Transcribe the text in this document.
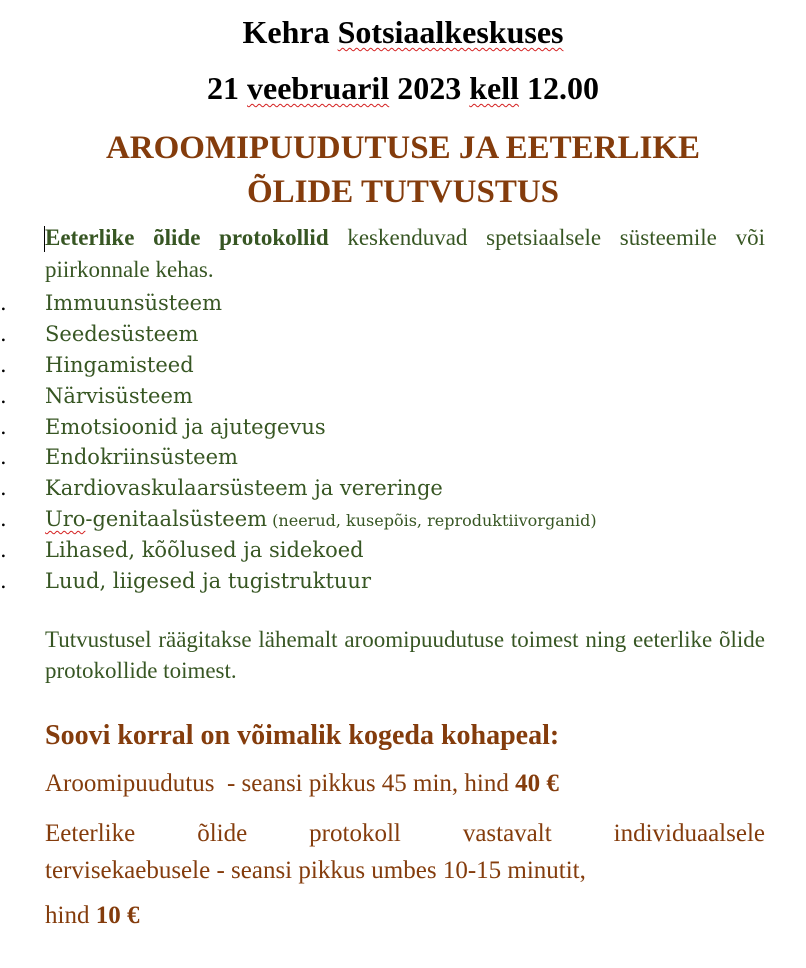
Kehra Sotsiaalkeskuses
21 veebruaril 2023 kell 12.00
AROOMIPUUDUTUSE JA EETERLIKE
ÕLIDE TUTVUSTUS
Eeterlike õlide protokollid keskenduvad spetsiaalsele süsteemile või piirkonnale kehas.
. Immuunsüsteem
. Seedesüsteem
. Hingamisteed
. Närvisüsteem
. Emotsioonid ja ajutegevus
. Endokriinsüsteem
. Kardiovaskulaarsüsteem ja vereringe
. Uro-genitaalsüsteem (neerud, kusepõis, reproduktiivorganid)
. Lihased, kõõlused ja sidekoed
. Luud, liigesed ja tugistruktuur
Tutvustusel räägitakse lähemalt aroomipuudutuse toimest ning eeterlike õlide protokollide toimest.
Soovi korral on võimalik kogeda kohapeal:
Aroomipuudutus  - seansi pikkus 45 min, hind 40 €
Eeterlike õlide protokoll vastavalt individuaalsele
tervisekaebusele - seansi pikkus umbes 10-15 minutit,
hind 10 €
